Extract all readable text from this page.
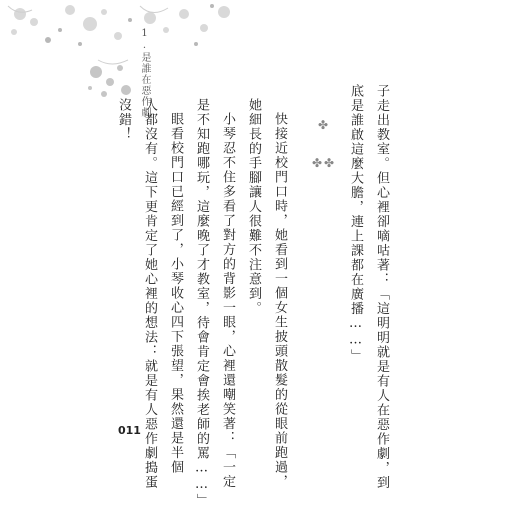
1.是誰在惡作劇
子走出教室。但心裡卻嘀咕著：「這明明就是有人在惡作劇，到
底是誰啟這麼大膽，連上課都在廣播……」
✤
✤ ✤
快接近校門口時，她看到一個女生披頭散髮的從眼前跑過，
她細長的手腳讓人很難不注意到。
小琴忍不住多看了對方的背影一眼，心裡還嘲笑著：「一定
是不知跑哪玩，這麼晚了才教室，待會肯定會挨老師的罵……」
眼看校門口已經到了，小琴收心四下張望，果然還是半個
人都沒有。這下更肯定了她心裡的想法：就是有人惡作劇搗蛋
沒錯！
011
